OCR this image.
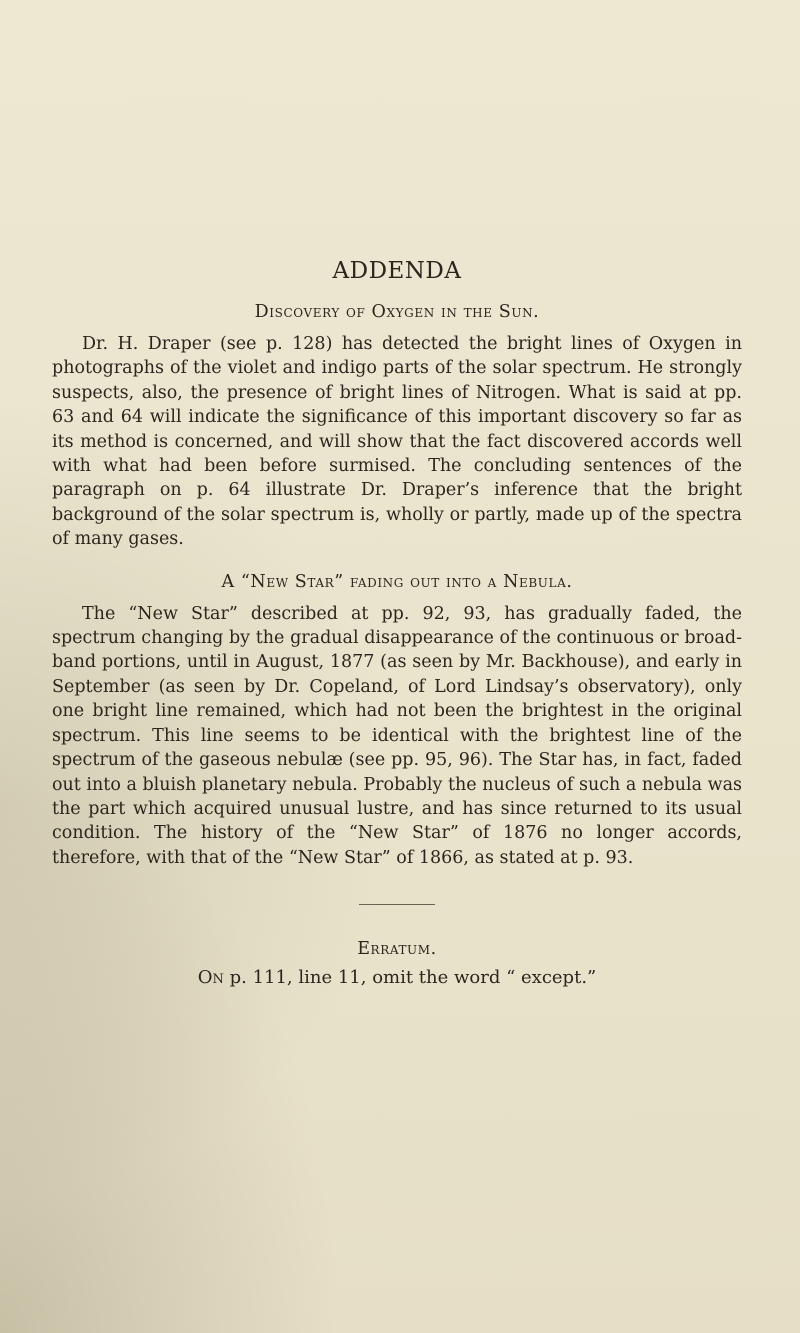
ADDENDA
Discovery of Oxygen in the Sun.

Dr. H. Draper (see p. 128) has detected the bright lines of Oxygen in photographs of the violet and indigo parts of the solar spectrum. He strongly suspects, also, the presence of bright lines of Nitrogen. What is said at pp. 63 and 64 will indicate the significance of this important discovery so far as its method is concerned, and will show that the fact discovered accords well with what had been before surmised. The concluding sentences of the paragraph on p. 64 illustrate Dr. Draper’s inference that the bright background of the solar spectrum is, wholly or partly, made up of the spectra of many gases.

A “New Star” fading out into a Nebula.

The “New Star” described at pp. 92, 93, has gradually faded, the spectrum changing by the gradual disappearance of the continuous or broad-band portions, until in August, 1877 (as seen by Mr. Backhouse), and early in September (as seen by Dr. Copeland, of Lord Lindsay’s observatory), only one bright line remained, which had not been the brightest in the original spectrum. This line seems to be identical with the brightest line of the spectrum of the gaseous nebulæ (see pp. 95, 96). The Star has, in fact, faded out into a bluish planetary nebula. Probably the nucleus of such a nebula was the part which acquired unusual lustre, and has since returned to its usual condition. The history of the “New Star” of 1876 no longer accords, therefore, with that of the “New Star” of 1866, as stated at p. 93.

Erratum.

On p. 111, line 11, omit the word “ except.”
